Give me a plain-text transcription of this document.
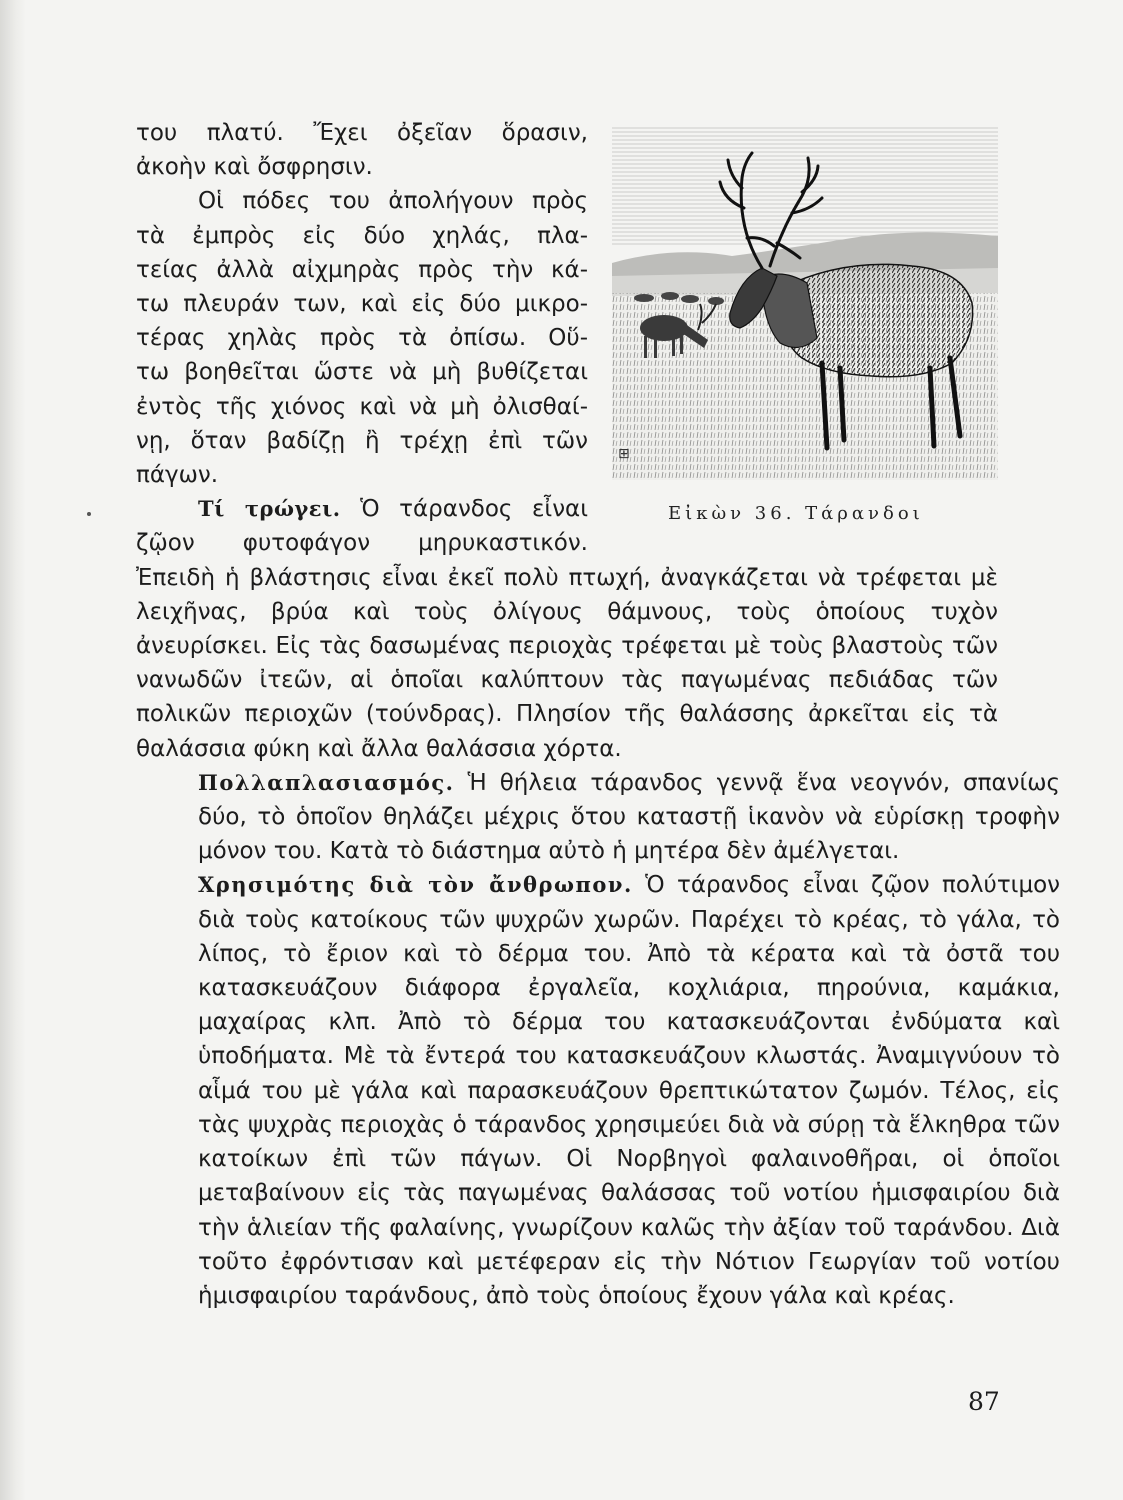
του πλατύ. Ἔχει ὀξεῖαν ὅρασιν,
ἀκοὴν καὶ ὄσφρησιν.
Οἱ πόδες του ἀπολήγουν πρὸς
τὰ ἐμπρὸς εἰς δύο χηλάς, πλα-
τείας ἀλλὰ αἰχμηρὰς πρὸς τὴν κά-
τω πλευράν των, καὶ εἰς δύο μικρο-
τέρας χηλὰς πρὸς τὰ ὀπίσω. Οὕ-
τω βοηθεῖται ὥστε νὰ μὴ βυθίζεται
ἐντὸς τῆς χιόνος καὶ νὰ μὴ ὀλισθαί-
νῃ, ὅταν βαδίζῃ ἢ τρέχῃ ἐπὶ τῶν
πάγων.
Τί τρώγει. Ὁ τάρανδος εἶναι
ζῷον φυτοφάγον μηρυκαστικόν.

Ἐπειδὴ ἡ βλάστησις εἶναι ἐκεῖ πολὺ πτωχή, ἀναγκάζεται νὰ τρέφεται μὲ λειχῆνας, βρύα καὶ τοὺς ὀλίγους θάμνους, τοὺς ὁποίους τυχὸν ἀνευρίσκει. Εἰς τὰς δασωμένας περιοχὰς τρέφεται μὲ τοὺς βλαστοὺς τῶν νανωδῶν ἰτεῶν, αἱ ὁποῖαι καλύπτουν τὰς παγωμένας πεδιάδας τῶν πολικῶν περιοχῶν (τούνδρας). Πλησίον τῆς θαλάσσης ἀρκεῖται εἰς τὰ θαλάσσια φύκη καὶ ἄλλα θαλάσσια χόρτα.

Πολλαπλασιασμός. Ἡ θήλεια τάρανδος γεννᾷ ἕνα νεογνόν, σπανίως δύο, τὸ ὁποῖον θηλάζει μέχρις ὅτου καταστῇ ἱκανὸν νὰ εὑρίσκῃ τροφὴν μόνον του. Κατὰ τὸ διάστημα αὐτὸ ἡ μητέρα δὲν ἀμέλγεται.

Χρησιμότης διὰ τὸν ἄνθρωπον. Ὁ τάρανδος εἶναι ζῷον πολύτιμον διὰ τοὺς κατοίκους τῶν ψυχρῶν χωρῶν. Παρέχει τὸ κρέας, τὸ γάλα, τὸ λίπος, τὸ ἔριον καὶ τὸ δέρμα του. Ἀπὸ τὰ κέρατα καὶ τὰ ὀστᾶ του κατασκευάζουν διάφορα ἐργαλεῖα, κοχλιάρια, πηρούνια, καμάκια, μαχαίρας κλπ. Ἀπὸ τὸ δέρμα του κατασκευάζονται ἐνδύματα καὶ ὑποδήματα. Μὲ τὰ ἔντερά του κατασκευάζουν κλωστάς. Ἀναμιγνύουν τὸ αἷμά του μὲ γάλα καὶ παρασκευάζουν θρεπτικώτατον ζωμόν. Τέλος, εἰς τὰς ψυχρὰς περιοχὰς ὁ τάρανδος χρησιμεύει διὰ νὰ σύρῃ τὰ ἕλκηθρα τῶν κατοίκων ἐπὶ τῶν πάγων. Οἱ Νορβηγοὶ φαλαινοθῆραι, οἱ ὁποῖοι μεταβαίνουν εἰς τὰς παγωμένας θαλάσσας τοῦ νοτίου ἡμισφαιρίου διὰ τὴν ἁλιείαν τῆς φαλαίνης, γνωρίζουν καλῶς τὴν ἀξίαν τοῦ ταράνδου. Διὰ τοῦτο ἐφρόντισαν καὶ μετέφεραν εἰς τὴν Νότιον Γεωργίαν τοῦ νοτίου ἡμισφαιρίου ταράνδους, ἀπὸ τοὺς ὁποίους ἔχουν γάλα καὶ κρέας.

⊞
Εἰκὼν 36. Τάρανδοι
87
